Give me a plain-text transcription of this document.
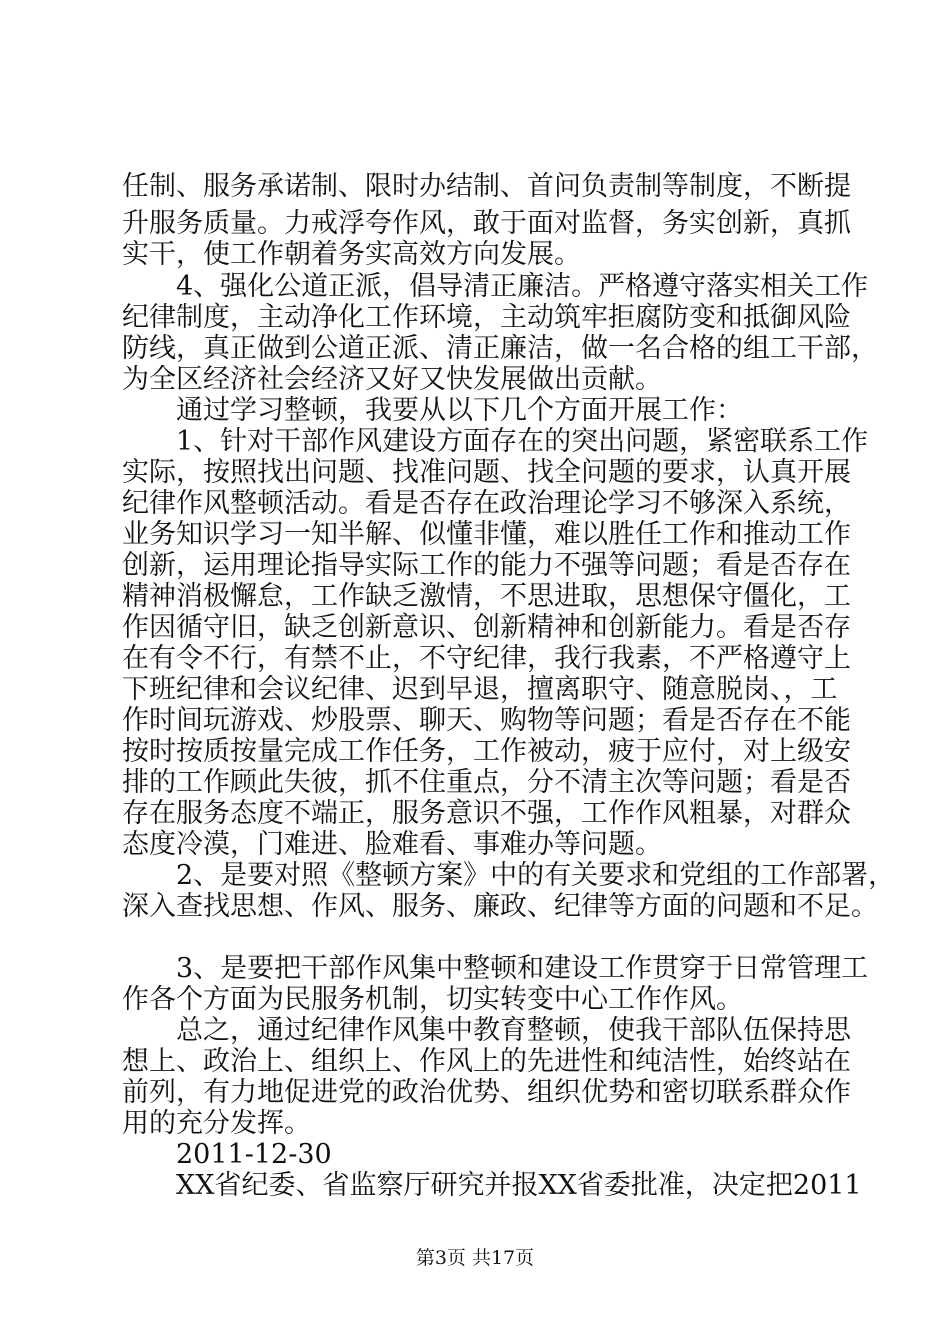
任制、服务承诺制、限时办结制、首问负责制等制度，不断提
升服务质量。力戒浮夸作风，敢于面对监督，务实创新，真抓
实干，使工作朝着务实高效方向发展。
4、强化公道正派，倡导清正廉洁。严格遵守落实相关工作
纪律制度，主动净化工作环境，主动筑牢拒腐防变和抵御风险
防线，真正做到公道正派、清正廉洁，做一名合格的组工干部，
为全区经济社会经济又好又快发展做出贡献。
通过学习整顿，我要从以下几个方面开展工作：
1、针对干部作风建设方面存在的突出问题，紧密联系工作
实际，按照找出问题、找准问题、找全问题的要求，认真开展
纪律作风整顿活动。看是否存在政治理论学习不够深入系统，
业务知识学习一知半解、似懂非懂，难以胜任工作和推动工作
创新，运用理论指导实际工作的能力不强等问题；看是否存在
精神消极懈怠，工作缺乏激情，不思进取，思想保守僵化，工
作因循守旧，缺乏创新意识、创新精神和创新能力。看是否存
在有令不行，有禁不止，不守纪律，我行我素，不严格遵守上
下班纪律和会议纪律、迟到早退，擅离职守、随意脱岗、，工
作时间玩游戏、炒股票、聊天、购物等问题；看是否存在不能
按时按质按量完成工作任务，工作被动，疲于应付，对上级安
排的工作顾此失彼，抓不住重点，分不清主次等问题；看是否
存在服务态度不端正，服务意识不强，工作作风粗暴，对群众
态度冷漠，门难进、脸难看、事难办等问题。
2、是要对照《整顿方案》中的有关要求和党组的工作部署，
深入查找思想、作风、服务、廉政、纪律等方面的问题和不足。
3、是要把干部作风集中整顿和建设工作贯穿于日常管理工
作各个方面为民服务机制，切实转变中心工作作风。
总之，通过纪律作风集中教育整顿，使我干部队伍保持思
想上、政治上、组织上、作风上的先进性和纯洁性，始终站在
前列，有力地促进党的政治优势、组织优势和密切联系群众作
用的充分发挥。
2011-12-30
XX省纪委、省监察厅研究并报XX省委批准，决定把2011
第3页 共17页
